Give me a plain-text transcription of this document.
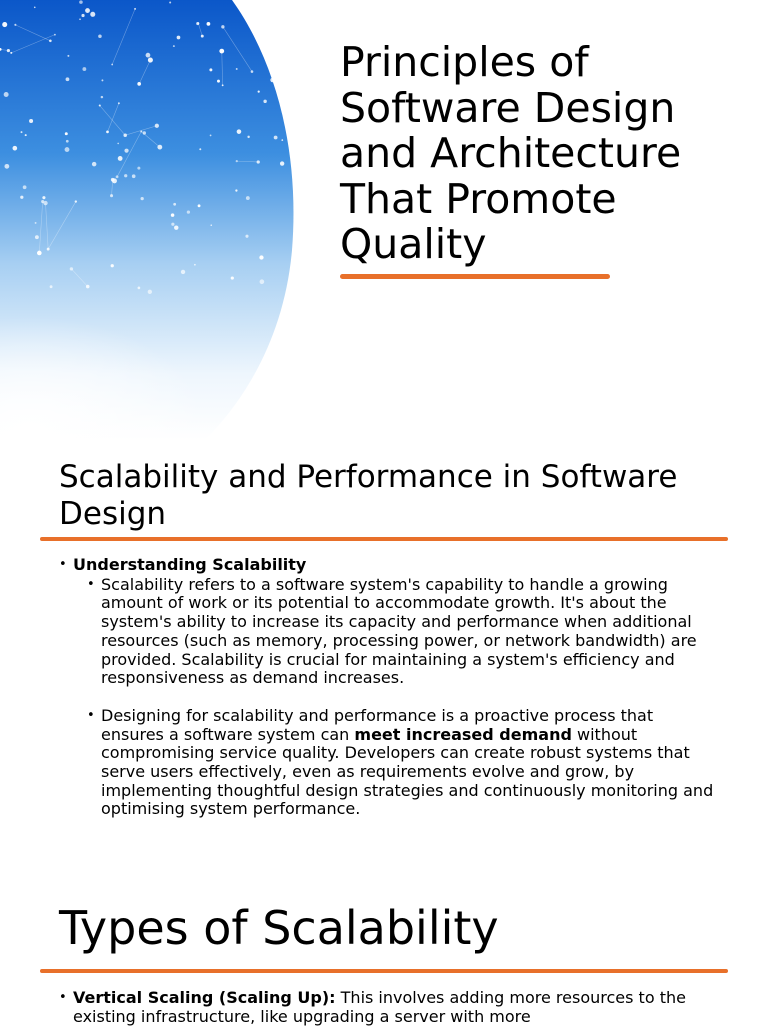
Principles of Software Design and Architecture That Promote Quality
Scalability and Performance in Software Design
• Understanding Scalability
• Scalability refers to a software system's capability to handle a growing amount of work or its potential to accommodate growth. It's about the system's ability to increase its capacity and performance when additional resources (such as memory, processing power, or network bandwidth) are provided. Scalability is crucial for maintaining a system's efficiency and responsiveness as demand increases.
• Designing for scalability and performance is a proactive process that ensures a software system can meet increased demand without compromising service quality. Developers can create robust systems that serve users effectively, even as requirements evolve and grow, by implementing thoughtful design strategies and continuously monitoring and optimising system performance.
Types of Scalability
• Vertical Scaling (Scaling Up): This involves adding more resources to the existing infrastructure, like upgrading a server with more
